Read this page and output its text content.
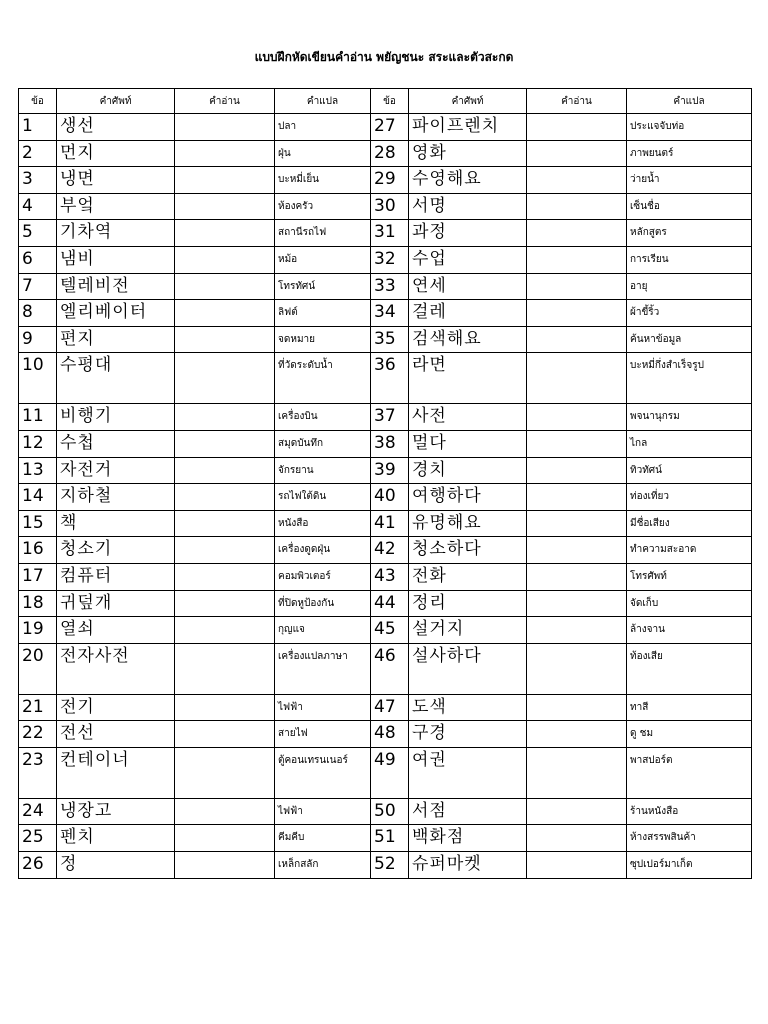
แบบฝึกหัดเขียนคำอ่าน พยัญชนะ สระและตัวสะกด
ข้อ	คำศัพท์	คำอ่าน	คำแปล	ข้อ	คำศัพท์	คำอ่าน	คำแปล
1	생선		ปลา	27	파이프렌치		ประแจจับท่อ
2	먼지		ฝุ่น	28	영화		ภาพยนตร์
3	냉면		บะหมี่เย็น	29	수영해요		ว่ายน้ำ
4	부엌		ห้องครัว	30	서명		เซ็นชื่อ
5	기차역		สถานีรถไฟ	31	과정		หลักสูตร
6	냄비		หม้อ	32	수업		การเรียน
7	텔레비전		โทรทัศน์	33	연세		อายุ
8	엘리베이터		ลิฟต์	34	걸레		ผ้าขี้ริ้ว
9	편지		จดหมาย	35	검색해요		ค้นหาข้อมูล
10	수평대		ที่วัดระดับน้ำ	36	라면		บะหมี่กึ่งสำเร็จรูป
11	비행기		เครื่องบิน	37	사전		พจนานุกรม
12	수첩		สมุดบันทึก	38	멀다		ไกล
13	자전거		จักรยาน	39	경치		ทิวทัศน์
14	지하철		รถไฟใต้ดิน	40	여행하다		ท่องเที่ยว
15	책		หนังสือ	41	유명해요		มีชื่อเสียง
16	청소기		เครื่องดูดฝุ่น	42	청소하다		ทำความสะอาด
17	컴퓨터		คอมพิวเตอร์	43	전화		โทรศัพท์
18	귀덮개		ที่ปิดหูป้องกัน	44	정리		จัดเก็บ
19	열쇠		กุญแจ	45	설거지		ล้างจาน
20	전자사전		เครื่องแปลภาษา	46	설사하다		ท้องเสีย
21	전기		ไฟฟ้า	47	도색		ทาสี
22	전선		สายไฟ	48	구경		ดู ชม
23	컨테이너		ตู้คอนเทรนเนอร์	49	여권		พาสปอร์ต
24	냉장고		ไฟฟ้า	50	서점		ร้านหนังสือ
25	펜치		คีมคีบ	51	백화점		ห้างสรรพสินค้า
26	정		เหล็กสลัก	52	슈퍼마켓		ซุปเปอร์มาเก็ต
